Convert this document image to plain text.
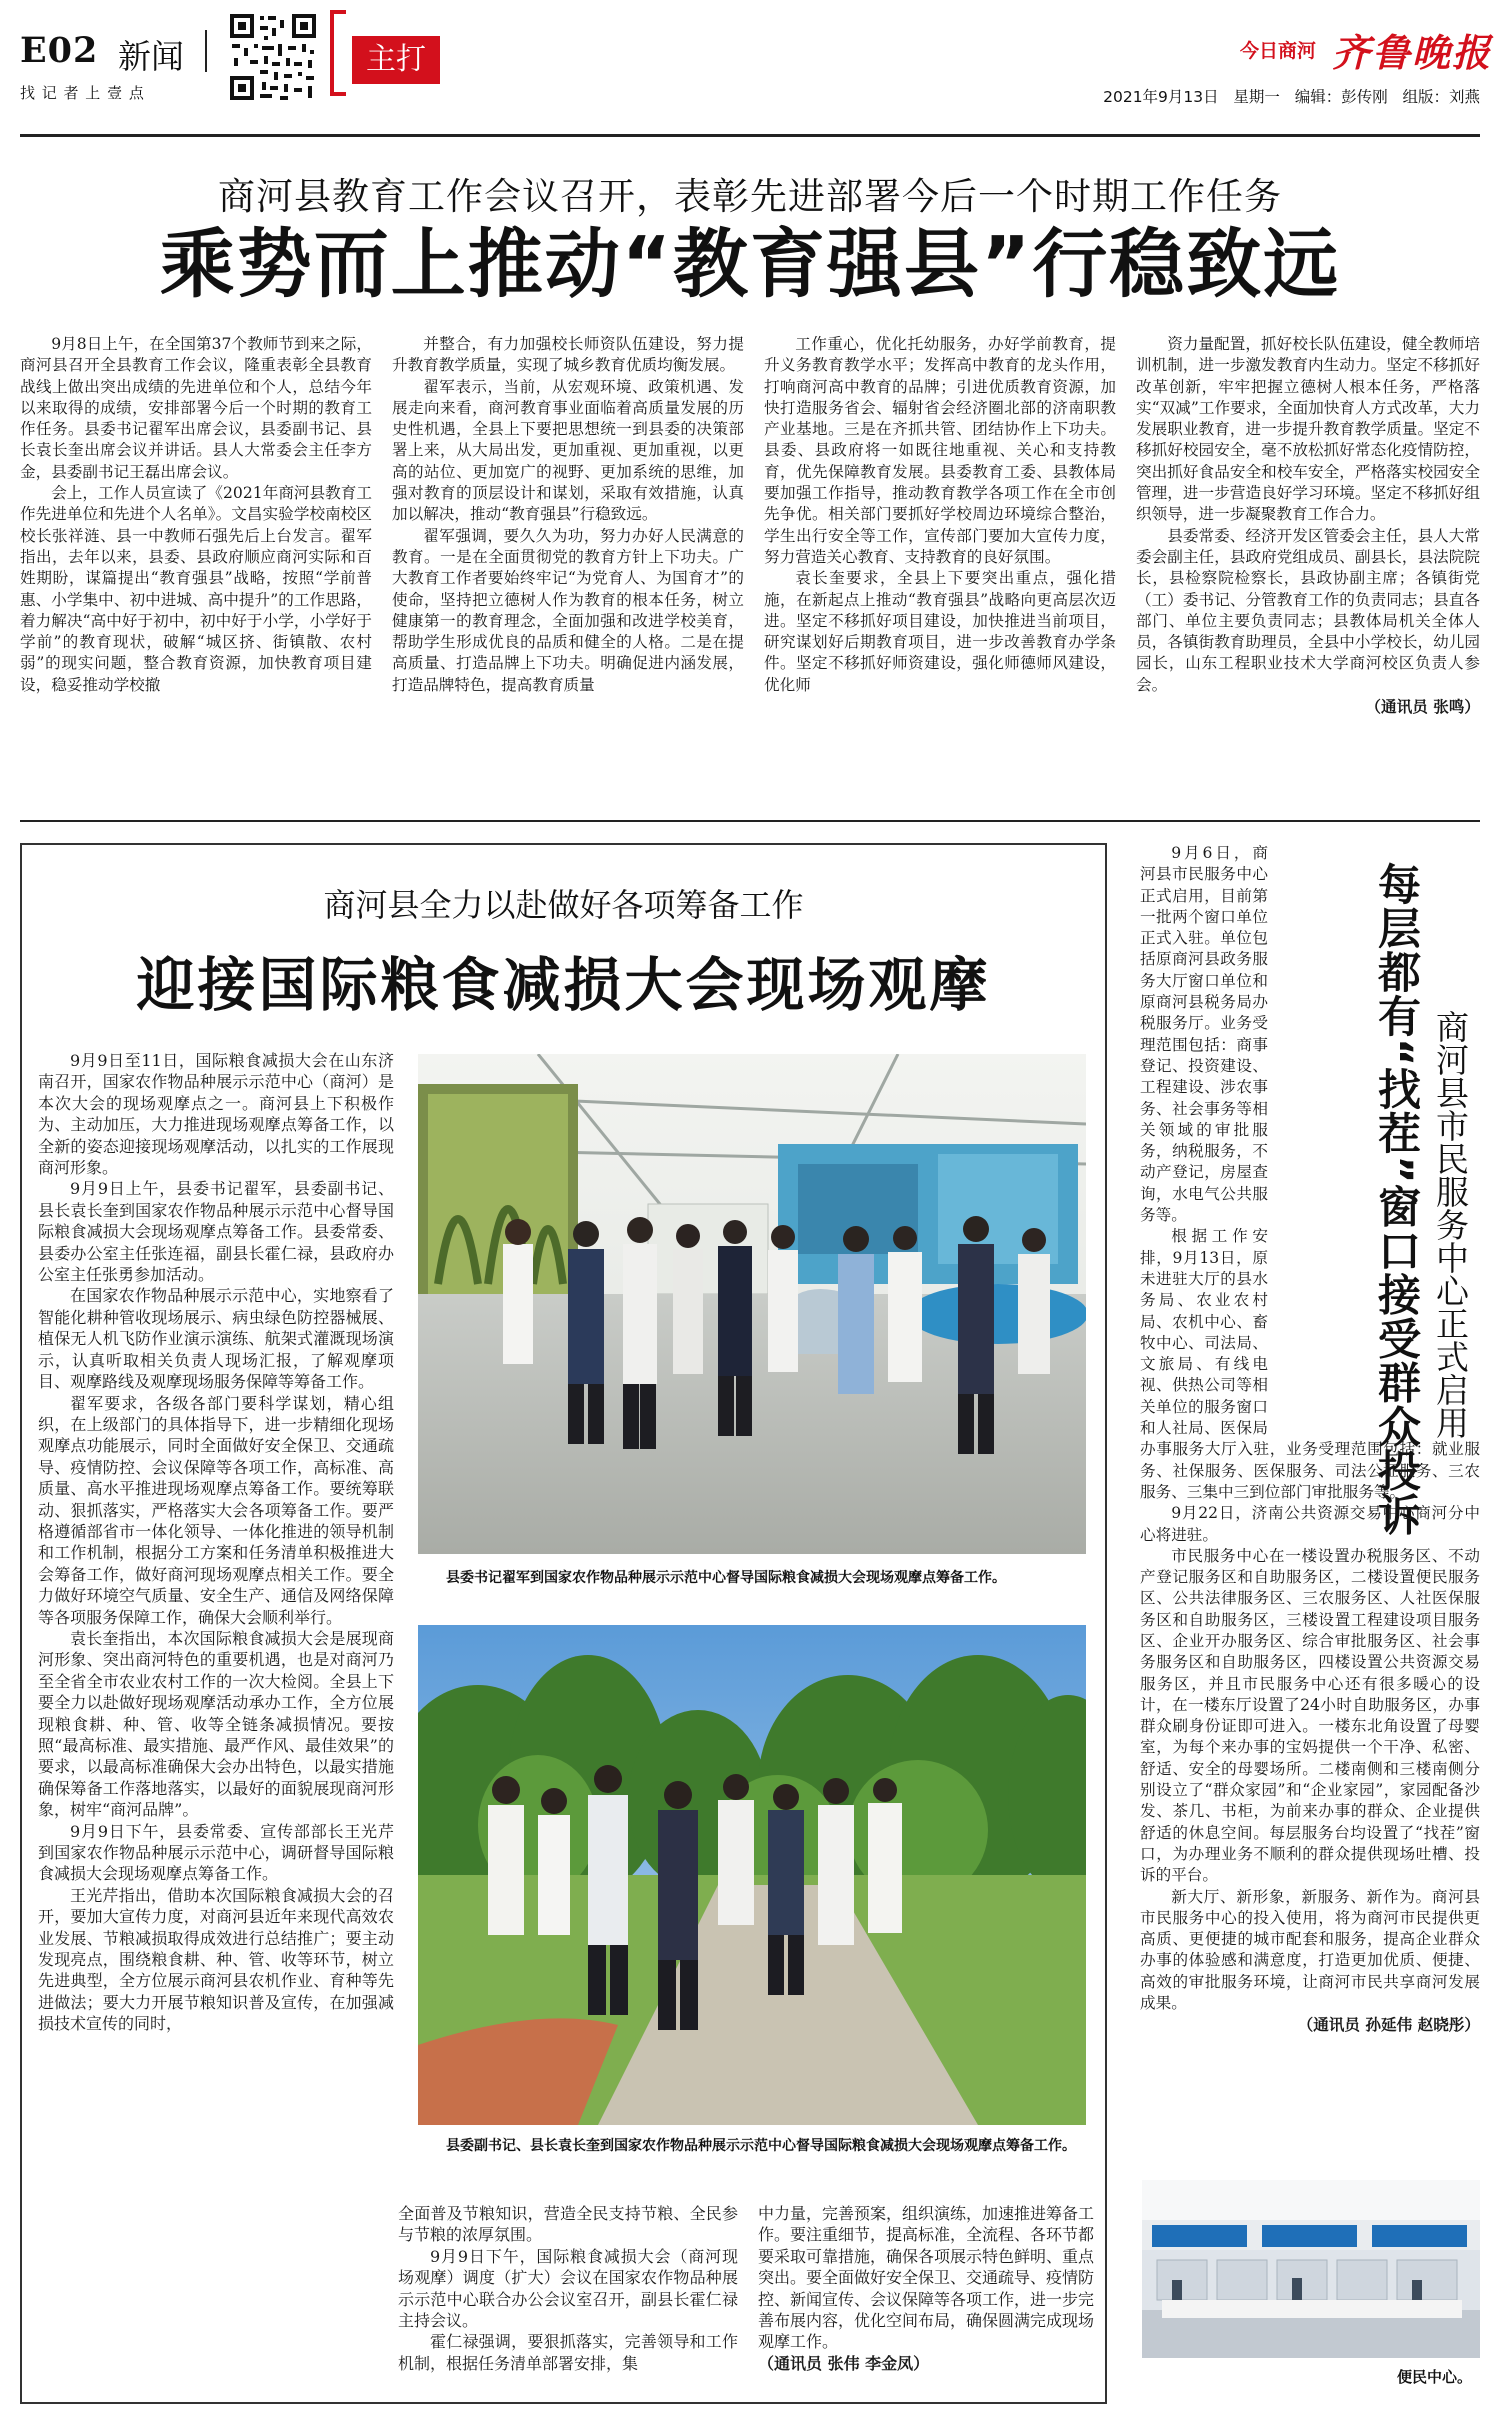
E02 新闻
找 记 者 上 壹 点
主打	今日商河 齐鲁晚报
2021年9月13日   星期一   编辑：彭传刚   组版：刘燕
商河县教育工作会议召开，表彰先进部署今后一个时期工作任务
乘势而上推动“教育强县”行稳致远

9月8日上午，在全国第37个教师节到来之际，商河县召开全县教育工作会议，隆重表彰全县教育战线上做出突出成绩的先进单位和个人，总结今年以来取得的成绩，安排部署今后一个时期的教育工作任务。县委书记翟军出席会议，县委副书记、县长袁长奎出席会议并讲话。县人大常委会主任李方金，县委副书记王磊出席会议。

会上，工作人员宣读了《2021年商河县教育工作先进单位和先进个人名单》。文昌实验学校南校区校长张祥涟、县一中教师石强先后上台发言。翟军指出，去年以来，县委、县政府顺应商河实际和百姓期盼，谋篇提出“教育强县”战略，按照“学前普惠、小学集中、初中进城、高中提升”的工作思路，着力解决“高中好于初中，初中好于小学，小学好于学前”的教育现状，破解“城区挤、街镇散、农村弱”的现实问题，整合教育资源，加快教育项目建设，稳妥推动学校撤

并整合，有力加强校长师资队伍建设，努力提升教育教学质量，实现了城乡教育优质均衡发展。

翟军表示，当前，从宏观环境、政策机遇、发展走向来看，商河教育事业面临着高质量发展的历史性机遇，全县上下要把思想统一到县委的决策部署上来，从大局出发，更加重视、更加重视，以更高的站位、更加宽广的视野、更加系统的思维，加强对教育的顶层设计和谋划，采取有效措施，认真加以解决，推动“教育强县”行稳致远。

翟军强调，要久久为功，努力办好人民满意的教育。一是在全面贯彻党的教育方针上下功夫。广大教育工作者要始终牢记“为党育人、为国育才”的使命，坚持把立德树人作为教育的根本任务，树立健康第一的教育理念，全面加强和改进学校美育，帮助学生形成优良的品质和健全的人格。二是在提高质量、打造品牌上下功夫。明确促进内涵发展，打造品牌特色，提高教育质量

工作重心，优化托幼服务，办好学前教育，提升义务教育教学水平；发挥高中教育的龙头作用，打响商河高中教育的品牌；引进优质教育资源，加快打造服务省会、辐射省会经济圈北部的济南职教产业基地。三是在齐抓共管、团结协作上下功夫。县委、县政府将一如既往地重视、关心和支持教育，优先保障教育发展。县委教育工委、县教体局要加强工作指导，推动教育教学各项工作在全市创先争优。相关部门要抓好学校周边环境综合整治，学生出行安全等工作，宣传部门要加大宣传力度，努力营造关心教育、支持教育的良好氛围。

袁长奎要求，全县上下要突出重点，强化措施，在新起点上推动“教育强县”战略向更高层次迈进。坚定不移抓好项目建设，加快推进当前项目，研究谋划好后期教育项目，进一步改善教育办学条件。坚定不移抓好师资建设，强化师德师风建设，优化师

资力量配置，抓好校长队伍建设，健全教师培训机制，进一步激发教育内生动力。坚定不移抓好改革创新，牢牢把握立德树人根本任务，严格落实“双减”工作要求，全面加快育人方式改革，大力发展职业教育，进一步提升教育教学质量。坚定不移抓好校园安全，毫不放松抓好常态化疫情防控，突出抓好食品安全和校车安全，严格落实校园安全管理，进一步营造良好学习环境。坚定不移抓好组织领导，进一步凝聚教育工作合力。

县委常委、经济开发区管委会主任，县人大常委会副主任，县政府党组成员、副县长，县法院院长，县检察院检察长，县政协副主席；各镇街党（工）委书记、分管教育工作的负责同志；县直各部门、单位主要负责同志；县教体局机关全体人员，各镇街教育助理员，全县中小学校长，幼儿园园长，山东工程职业技术大学商河校区负责人参会。

（通讯员 张鸣）

商河县全力以赴做好各项筹备工作
迎接国际粮食减损大会现场观摩

9月9日至11日，国际粮食减损大会在山东济南召开，国家农作物品种展示示范中心（商河）是本次大会的现场观摩点之一。商河县上下积极作为、主动加压，大力推进现场观摩点筹备工作，以全新的姿态迎接现场观摩活动，以扎实的工作展现商河形象。

9月9日上午，县委书记翟军，县委副书记、县长袁长奎到国家农作物品种展示示范中心督导国际粮食减损大会现场观摩点筹备工作。县委常委、县委办公室主任张连福，副县长霍仁禄，县政府办公室主任张勇参加活动。

在国家农作物品种展示示范中心，实地察看了智能化耕种管收现场展示、病虫绿色防控器械展、植保无人机飞防作业演示演练、航架式灌溉现场演示，认真听取相关负责人现场汇报，了解观摩项目、观摩路线及观摩现场服务保障等筹备工作。

翟军要求，各级各部门要科学谋划，精心组织，在上级部门的具体指导下，进一步精细化现场观摩点功能展示，同时全面做好安全保卫、交通疏导、疫情防控、会议保障等各项工作，高标准、高质量、高水平推进现场观摩点筹备工作。要统筹联动、狠抓落实，严格落实大会各项筹备工作。要严格遵循部省市一体化领导、一体化推进的领导机制和工作机制，根据分工方案和任务清单积极推进大会筹备工作，做好商河现场观摩点相关工作。要全力做好环境空气质量、安全生产、通信及网络保障等各项服务保障工作，确保大会顺利举行。

袁长奎指出，本次国际粮食减损大会是展现商河形象、突出商河特色的重要机遇，也是对商河乃至全省全市农业农村工作的一次大检阅。全县上下要全力以赴做好现场观摩活动承办工作，全方位展现粮食耕、种、管、收等全链条减损情况。要按照“最高标准、最实措施、最严作风、最佳效果”的要求，以最高标准确保大会办出特色，以最实措施确保筹备工作落地落实，以最好的面貌展现商河形象，树牢“商河品牌”。

9月9日下午，县委常委、宣传部部长王光芹到国家农作物品种展示示范中心，调研督导国际粮食减损大会现场观摩点筹备工作。

王光芹指出，借助本次国际粮食减损大会的召开，要加大宣传力度，对商河县近年来现代高效农业发展、节粮减损取得成效进行总结推广；要主动发现亮点，围绕粮食耕、种、管、收等环节，树立先进典型，全方位展示商河县农机作业、育种等先进做法；要大力开展节粮知识普及宣传，在加强减损技术宣传的同时，

县委书记翟军到国家农作物品种展示示范中心督导国际粮食减损大会现场观摩点筹备工作。
县委副书记、县长袁长奎到国家农作物品种展示示范中心督导国际粮食减损大会现场观摩点筹备工作。

全面普及节粮知识，营造全民支持节粮、全民参与节粮的浓厚氛围。

9月9日下午，国际粮食减损大会（商河现场观摩）调度（扩大）会议在国家农作物品种展示示范中心联合办公会议室召开，副县长霍仁禄主持会议。

霍仁禄强调，要狠抓落实，完善领导和工作机制，根据任务清单部署安排，集

中力量，完善预案，组织演练，加速推进筹备工作。要注重细节，提高标准，全流程、各环节都要采取可靠措施，确保各项展示特色鲜明、重点突出。要全面做好安全保卫、交通疏导、疫情防控、新闻宣传、会议保障等各项工作，进一步完善布展内容，优化空间布局，确保圆满完成现场观摩工作。

（通讯员 张伟 李金凤）

每层都有“找茬”窗口接受群众投诉 商河县市民服务中心正式启用

9月6日，商河县市民服务中心正式启用，目前第一批两个窗口单位正式入驻。单位包括原商河县政务服务大厅窗口单位和原商河县税务局办税服务厅。业务受理范围包括：商事登记、投资建设、工程建设、涉农事务、社会事务等相关领域的审批服务，纳税服务，不动产登记，房屋查询，水电气公共服务等。

根据工作安排，9月13日，原未进驻大厅的县水务局、农业农村局、农机中心、畜牧中心、司法局、文旅局、有线电视、供热公司等相关单位的服务窗口和人社局、医保局办事服务大厅入驻，业务受理范围包括：就业服务、社保服务、医保服务、司法公证服务、三农服务、三集中三到位部门审批服务等。

9月22日，济南公共资源交易中心商河分中心将进驻。

市民服务中心在一楼设置办税服务区、不动产登记服务区和自助服务区，二楼设置便民服务区、公共法律服务区、三农服务区、人社医保服务区和自助服务区，三楼设置工程建设项目服务区、企业开办服务区、综合审批服务区、社会事务服务区和自助服务区，四楼设置公共资源交易服务区，并且市民服务中心还有很多暖心的设计，在一楼东厅设置了24小时自助服务区，办事群众刷身份证即可进入。一楼东北角设置了母婴室，为每个来办事的宝妈提供一个干净、私密、舒适、安全的母婴场所。二楼南侧和三楼南侧分别设立了“群众家园”和“企业家园”，家园配备沙发、茶几、书柜，为前来办事的群众、企业提供舒适的休息空间。每层服务台均设置了“找茬”窗口，为办理业务不顺利的群众提供现场吐槽、投诉的平台。

新大厅、新形象，新服务、新作为。商河县市民服务中心的投入使用，将为商河市民提供更高质、更便捷的城市配套和服务，提高企业群众办事的体验感和满意度，打造更加优质、便捷、高效的审批服务环境，让商河市民共享商河发展成果。

（通讯员 孙延伟 赵晓彤）

便民中心。
